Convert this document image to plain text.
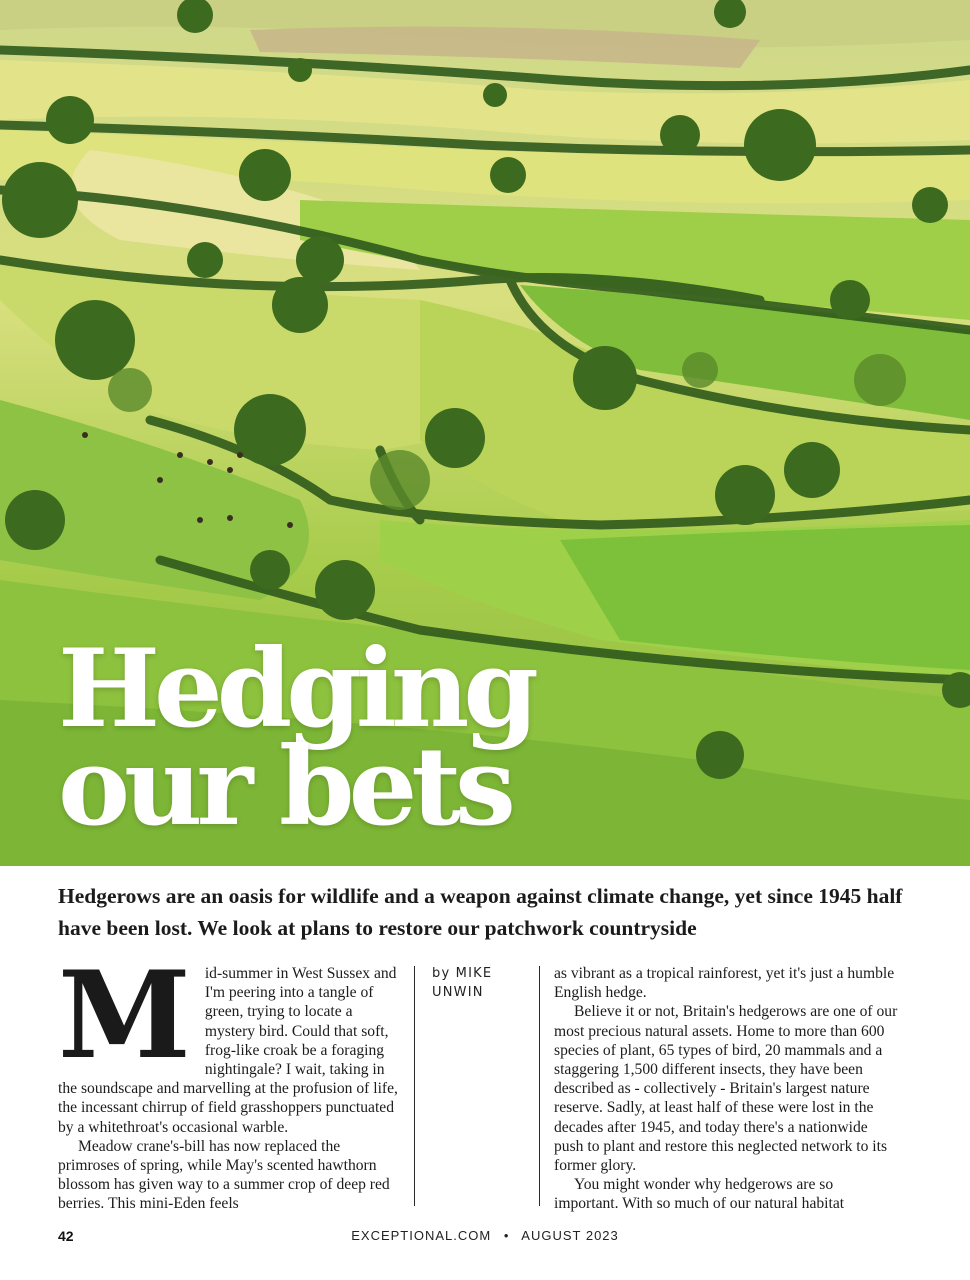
Hedging
our bets
Hedgerows are an oasis for wildlife and a weapon against climate change, yet since 1945 half have been lost. We look at plans to restore our patchwork countryside

Mid-summer in West Sussex and I'm peering into a tangle of green, trying to locate a mystery bird. Could that soft, frog-like croak be a foraging nightingale? I wait, taking in the soundscape and marvelling at the profusion of life, the incessant chirrup of field grasshoppers punctuated by a whitethroat's occasional warble.

Meadow crane's-bill has now replaced the primroses of spring, while May's scented hawthorn blossom has given way to a summer crop of deep red berries. This mini-Eden feels

by MIKE UNWIN

as vibrant as a tropical rainforest, yet it's just a humble English hedge.

Believe it or not, Britain's hedgerows are one of our most precious natural assets. Home to more than 600 species of plant, 65 types of bird, 20 mammals and a staggering 1,500 different insects, they have been described as - collectively - Britain's largest nature reserve. Sadly, at least half of these were lost in the decades after 1945, and today there's a nationwide push to plant and restore this neglected network to its former glory.

You might wonder why hedgerows are so important. With so much of our natural habitat

42	EXCEPTIONAL.COM • AUGUST 2023
